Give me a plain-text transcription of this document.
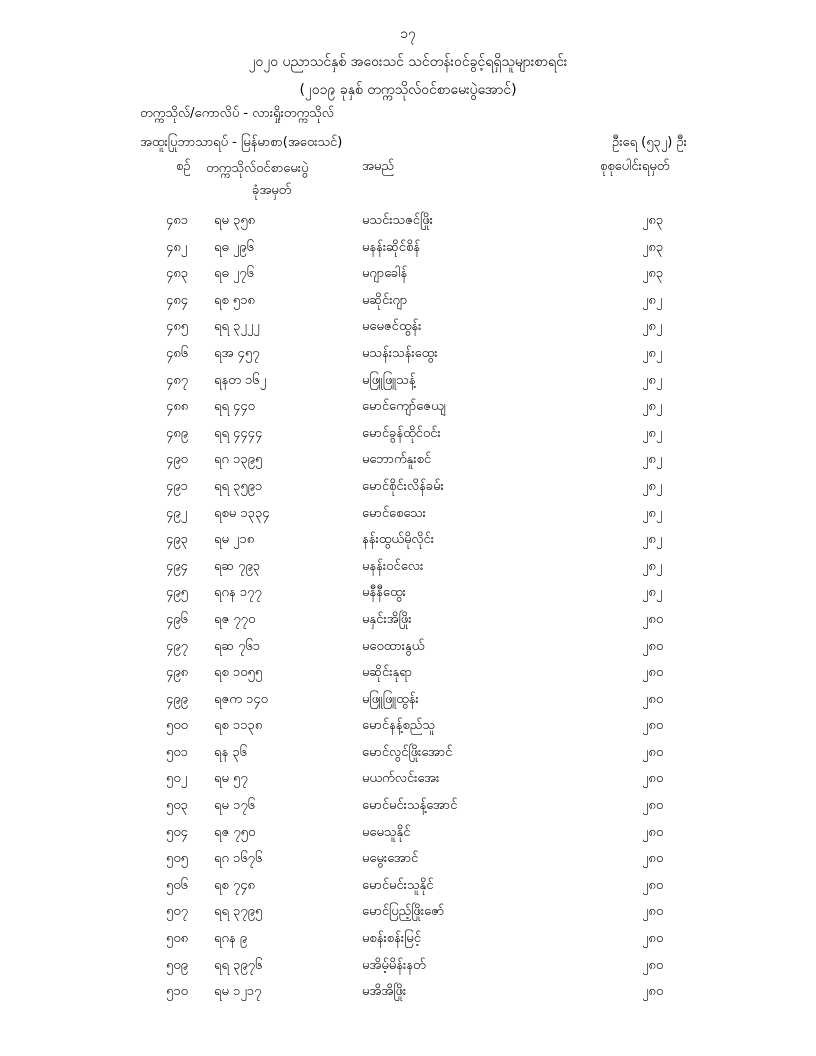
၁၇
၂၀၂၀ ပညာသင်နှစ် အဝေးသင် သင်တန်းဝင်ခွင့်ရရှိသူများစာရင်း
(၂၀၁၉ ခုနှစ် တက္ကသိုလ်ဝင်စာမေးပွဲအောင်)
တက္ကသိုလ်/ကောလိပ် - လားရှိုးတက္ကသိုလ်
အထူးပြုဘာသာရပ် - မြန်မာစာ(အဝေးသင်)	ဦးရေ (၅၃၂) ဦး
စဉ် တက္ကသိုလ်ဝင်စာမေးပွဲ
ခုံအမှတ်
အမည်	စုစုပေါင်းရမှတ်
၄၈၁ ရမ ၃၅၈	မသင်းသဇင်ဖြိုး	၂၈၃
၄၈၂ ရဓ ၂၉၆	မနန်းဆိုင်စိန်	၂၈၃
၄၈၃ ရဓ ၂၇၆	မဂျာခေါန်	၂၈၃
၄၈၄ ရစ ၅၁၈	မဆိုင်းဂျာ	၂၈၂
၄၈၅ ရရ ၃၂၂၂	မမေဇင်ထွန်း	၂၈၂
၄၈၆ ရအ ၄၅၇	မသန်းသန်းထွေး	၂၈၂
၄၈၇ ရနတ ၁၆၂	မဖြူဖြူသန့်	၂၈၂
၄၈၈ ရရ ၄၄၀	မောင်ကျော်ဇေယျ	၂၈၂
၄၈၉ ရရ ၄၄၄၄	မောင်ခွန်ထိုင်ဝင်း	၂၈၂
၄၉၀ ရဂ ၁၃၉၅	မဘောက်နူးစင်	၂၈၂
၄၉၁ ရရ ၃၅၉၁	မောင်စိုင်းလိန်ခမ်း	၂၈၂
၄၉၂ ရစမ ၁၃၃၄	မောင်စေသေး	၂၈၂
၄၉၃ ရမ ၂၁၈	နန်းထွယ်မိုလိုင်း	၂၈၂
၄၉၄ ရဆ ၇၉၃	မနန်းဝင်လေး	၂၈၂
၄၉၅ ရဂန ၁၇၇	မနီနီထွေး	၂၈၂
၄၉၆ ရဇ ၇၇၀	မနှင်းအိဖြိုး	၂၈၀
၄၉၇ ရဆ ၇၆၁	မဝေထားနွယ်	၂၈၀
၄၉၈ ရစ ၁၀၅၅	မဆိုင်းနုရာ	၂၈၀
၄၉၉ ရဇက ၁၄၀	မဖြူဖြူထွန်း	၂၈၀
၅၀၀ ရစ ၁၁၃၈	မောင်နန့်စည်သူ	၂၈၀
၅၀၁ ရန ၃၆	မောင်လွင်ဖြိုးအောင်	၂၈၀
၅၀၂ ရမ ၅၇	မယက်လင်းအေး	၂၈၀
၅၀၃ ရမ ၁၇၆	မောင်မင်းသန့်အောင်	၂၈၀
၅၀၄ ရဇ ၇၅၀	မမေသူနိုင်	၂၈၀
၅၀၅ ရဂ ၁၆၇၆	မမွေးအောင်	၂၈၀
၅၀၆ ရစ ၇၄၈	မောင်မင်းသူနိုင်	၂၈၀
၅၀၇ ရရ ၃၇၉၅	မောင်ပြည့်ဖြိုးဇော်	၂၈၀
၅၀၈ ရဂန ၉	မစန်းစန်းမြင့်	၂၈၀
၅၀၉ ရရ ၃၉၇၆	မအိမ့်မိန်းနတ်	၂၈၀
၅၁၀ ရမ ၁၂၁၇	မအိအိဖြိုး	၂၈၀
